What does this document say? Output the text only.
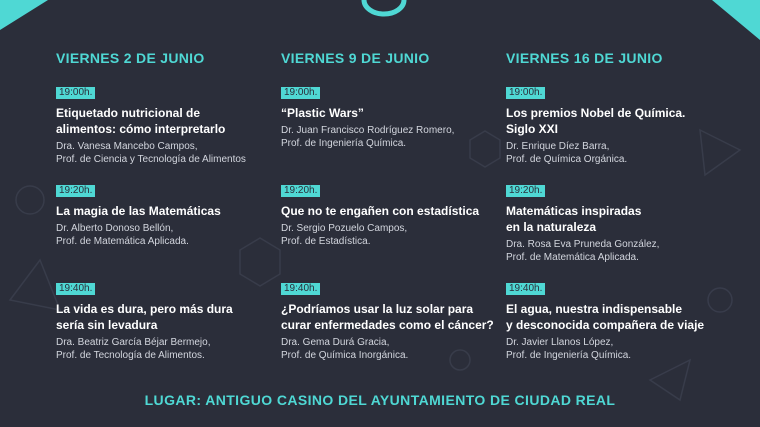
VIERNES 2 DE JUNIO
19:00h.
Etiquetado nutricional de
alimentos: cómo interpretarlo
Dra. Vanesa Mancebo Campos,
Prof. de Ciencia y Tecnología de Alimentos
19:20h.
La magia de las Matemáticas
Dr. Alberto Donoso Bellón,
Prof. de Matemática Aplicada.
19:40h.
La vida es dura, pero más dura
sería sin levadura
Dra. Beatriz García Béjar Bermejo,
Prof. de Tecnología de Alimentos.
VIERNES 9 DE JUNIO
19:00h.
“Plastic Wars”
Dr. Juan Francisco Rodríguez Romero,
Prof. de Ingeniería Química.
19:20h.
Que no te engañen con estadística
Dr. Sergio Pozuelo Campos,
Prof. de Estadística.
19:40h.
¿Podríamos usar la luz solar para
curar enfermedades como el cáncer?
Dra. Gema Durá Gracia,
Prof. de Química Inorgánica.
VIERNES 16 DE JUNIO
19:00h.
Los premios Nobel de Química.
Siglo XXI
Dr. Enrique Díez Barra,
Prof. de Química Orgánica.
19:20h.
Matemáticas inspiradas
en la naturaleza
Dra. Rosa Eva Pruneda González,
Prof. de Matemática Aplicada.
19:40h.
El agua, nuestra indispensable
y desconocida compañera de viaje
Dr. Javier Llanos López,
Prof. de Ingeniería Química.
LUGAR: ANTIGUO CASINO DEL AYUNTAMIENTO DE CIUDAD REAL
